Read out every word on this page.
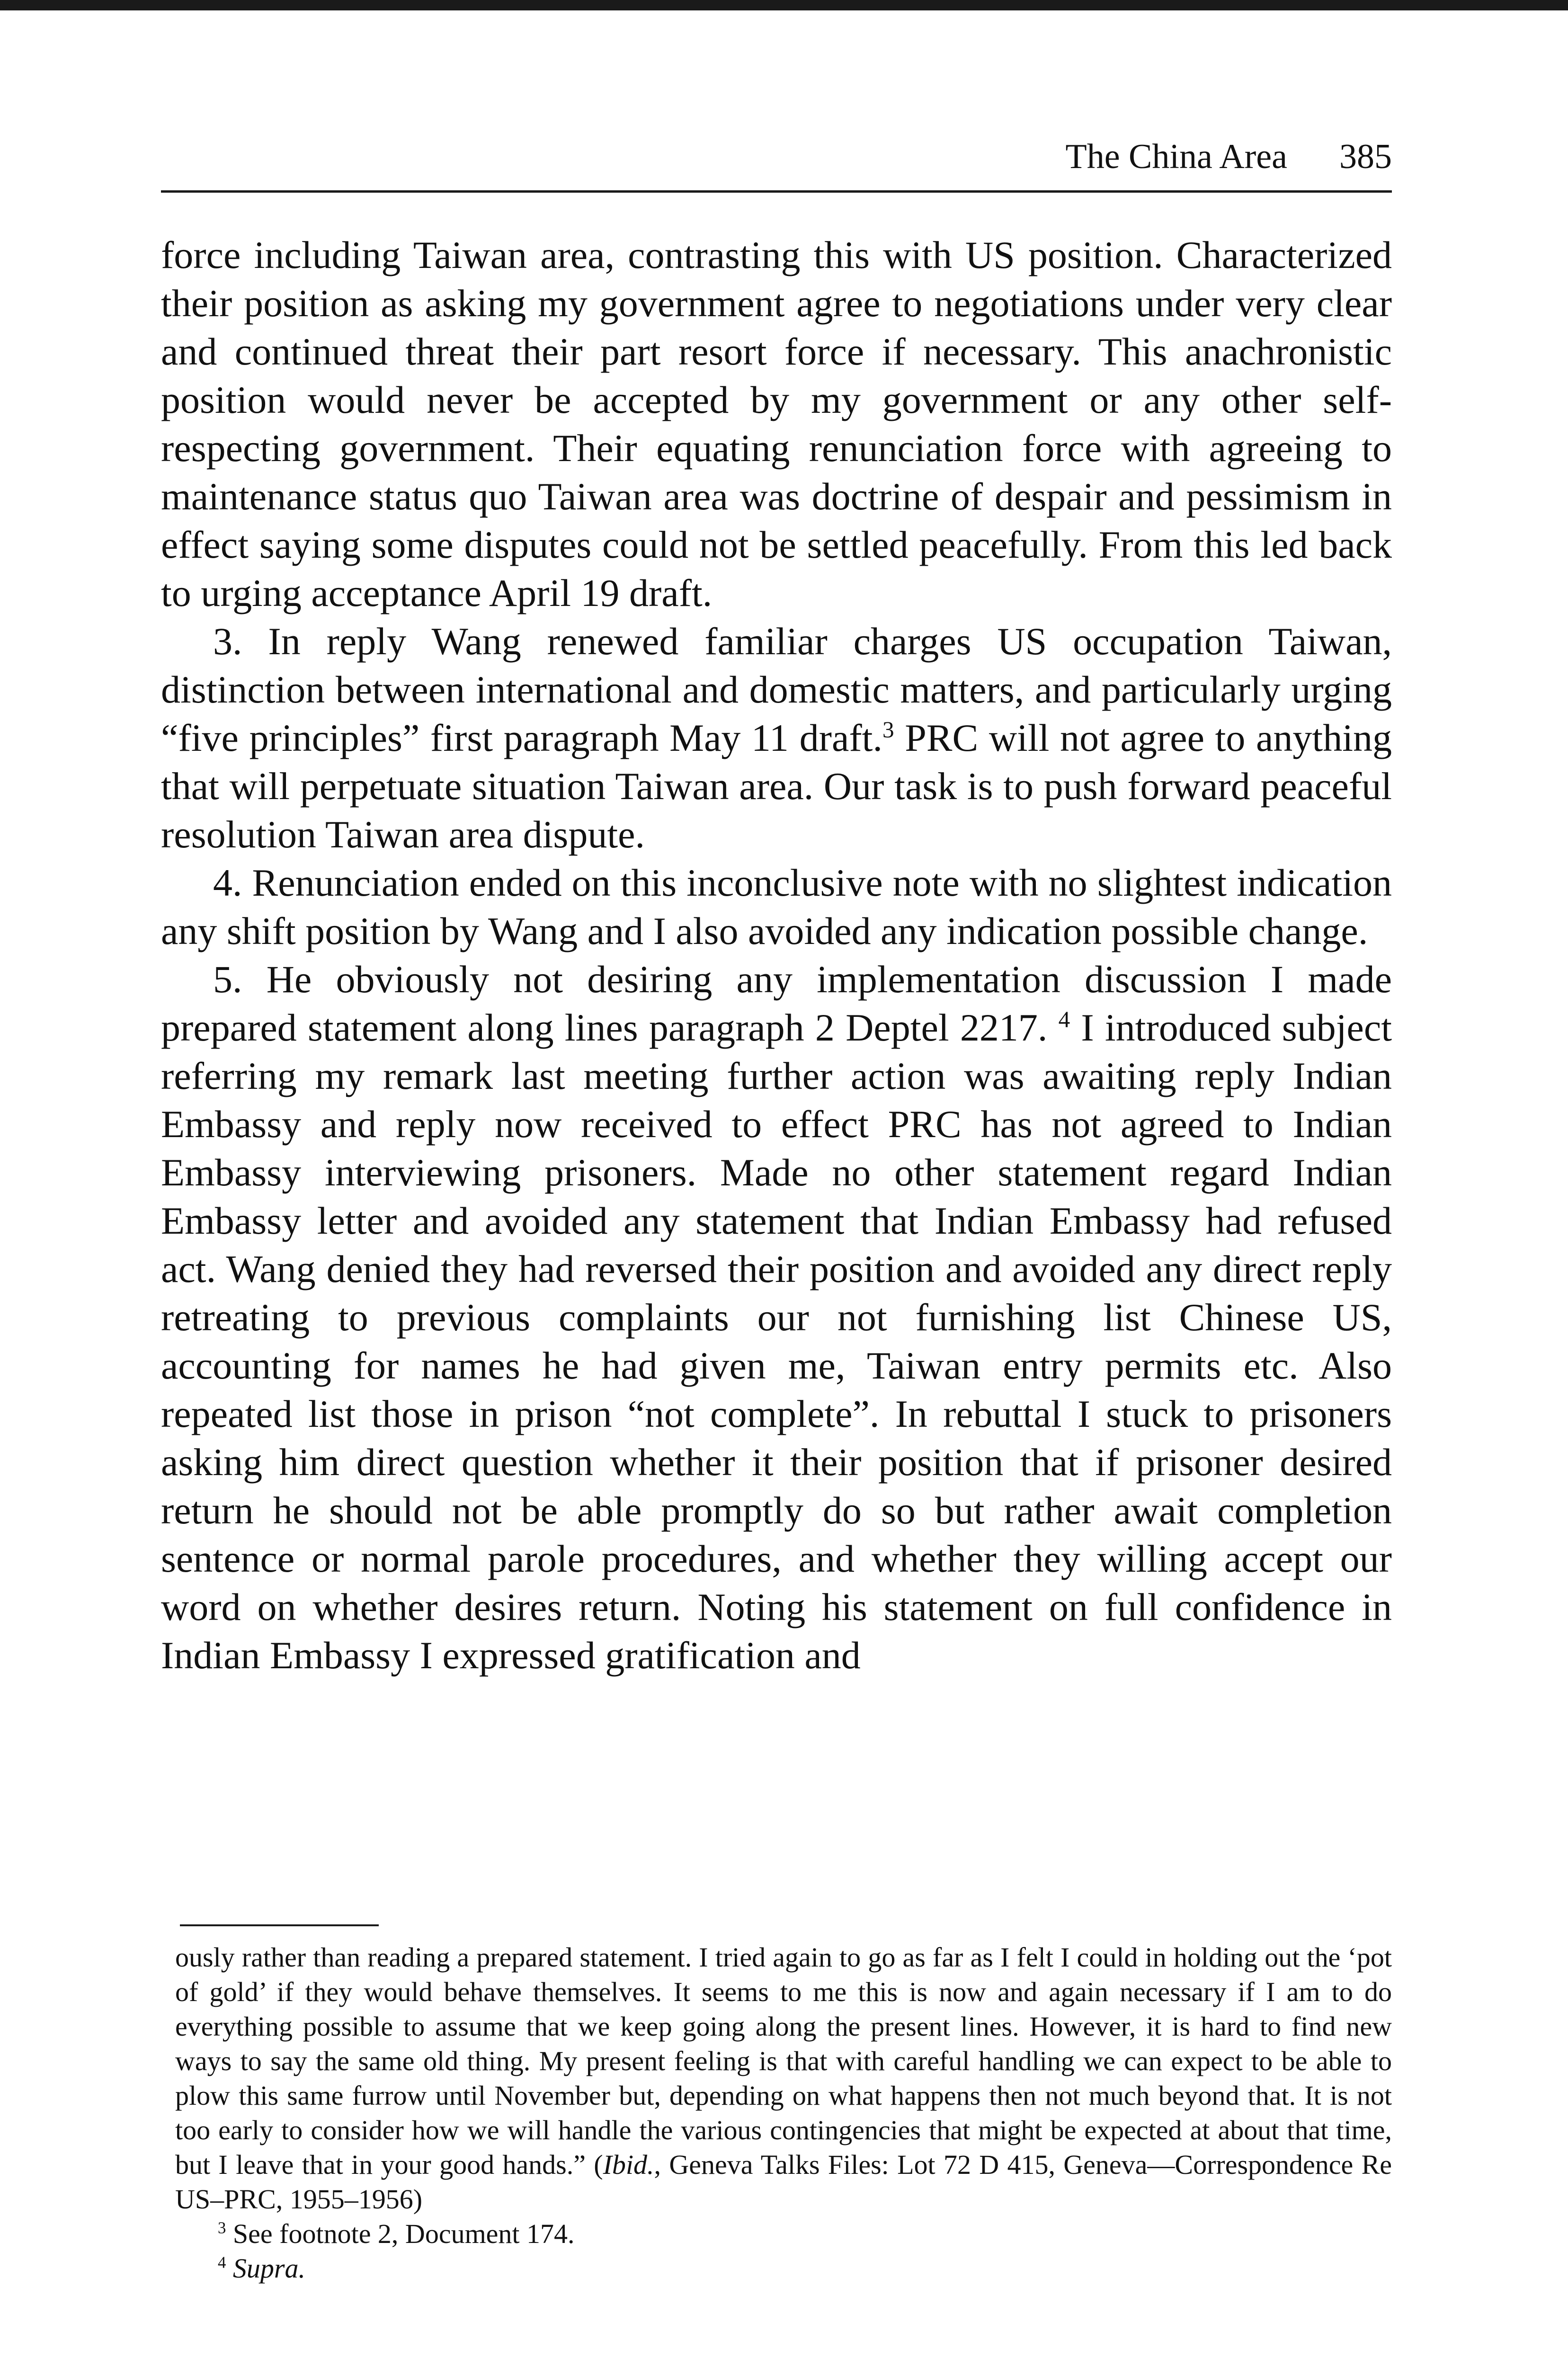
The China Area 385

force including Taiwan area, contrasting this with US position. Characterized their position as asking my government agree to negotiations under very clear and continued threat their part resort force if necessary. This anachronistic position would never be accepted by my government or any other self-respecting government. Their equating renunciation force with agreeing to maintenance status quo Taiwan area was doctrine of despair and pessimism in effect saying some disputes could not be settled peacefully. From this led back to urging acceptance April 19 draft.

3. In reply Wang renewed familiar charges US occupation Taiwan, distinction between international and domestic matters, and particularly urging “five principles” first paragraph May 11 draft.$^3$ PRC will not agree to anything that will perpetuate situation Taiwan area. Our task is to push forward peaceful resolution Taiwan area dispute.

4. Renunciation ended on this inconclusive note with no slightest indication any shift position by Wang and I also avoided any indication possible change.

5. He obviously not desiring any implementation discussion I made prepared statement along lines paragraph 2 Deptel 2217. $^4$ I introduced subject referring my remark last meeting further action was awaiting reply Indian Embassy and reply now received to effect PRC has not agreed to Indian Embassy interviewing prisoners. Made no other statement regard Indian Embassy letter and avoided any statement that Indian Embassy had refused act. Wang denied they had reversed their position and avoided any direct reply retreating to previous complaints our not furnishing list Chinese US, accounting for names he had given me, Taiwan entry permits etc. Also repeated list those in prison “not complete”. In rebuttal I stuck to prisoners asking him direct question whether it their position that if prisoner desired return he should not be able promptly do so but rather await completion sentence or normal parole procedures, and whether they willing accept our word on whether desires return. Noting his statement on full confidence in Indian Embassy I expressed gratification and

ously rather than reading a prepared statement. I tried again to go as far as I felt I could in holding out the ‘pot of gold’ if they would behave themselves. It seems to me this is now and again necessary if I am to do everything possible to assume that we keep going along the present lines. However, it is hard to find new ways to say the same old thing. My present feeling is that with careful handling we can expect to be able to plow this same furrow until November but, depending on what happens then not much beyond that. It is not too early to consider how we will handle the various contingencies that might be expected at about that time, but I leave that in your good hands.” (Ibid., Geneva Talks Files: Lot 72 D 415, Geneva—Correspondence Re US–PRC, 1955–1956)

$^3$ See footnote 2, Document 174.

$^4$ Supra.
